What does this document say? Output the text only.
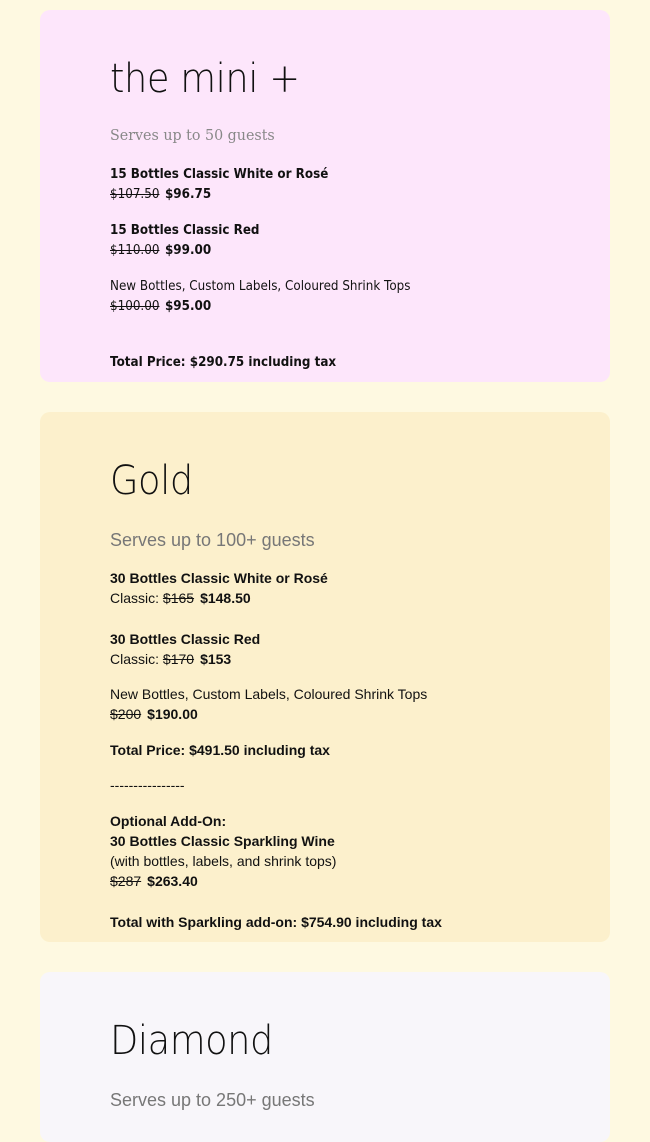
the mini +
Serves up to 50 guests
15 Bottles Classic White or Rosé
$107.50 $96.75
15 Bottles Classic Red
$110.00 $99.00
New Bottles, Custom Labels, Coloured Shrink Tops
$100.00 $95.00
Total Price: $290.75 including tax
Gold
Serves up to 100+ guests
30 Bottles Classic White or Rosé
Classic: $165 $148.50
30 Bottles Classic Red
Classic: $170 $153
New Bottles, Custom Labels, Coloured Shrink Tops
$200 $190.00
Total Price: $491.50 including tax
----------------
Optional Add-On:
30 Bottles Classic Sparkling Wine
(with bottles, labels, and shrink tops)
$287 $263.40
Total with Sparkling add-on: $754.90 including tax
Diamond
Serves up to 250+ guests
